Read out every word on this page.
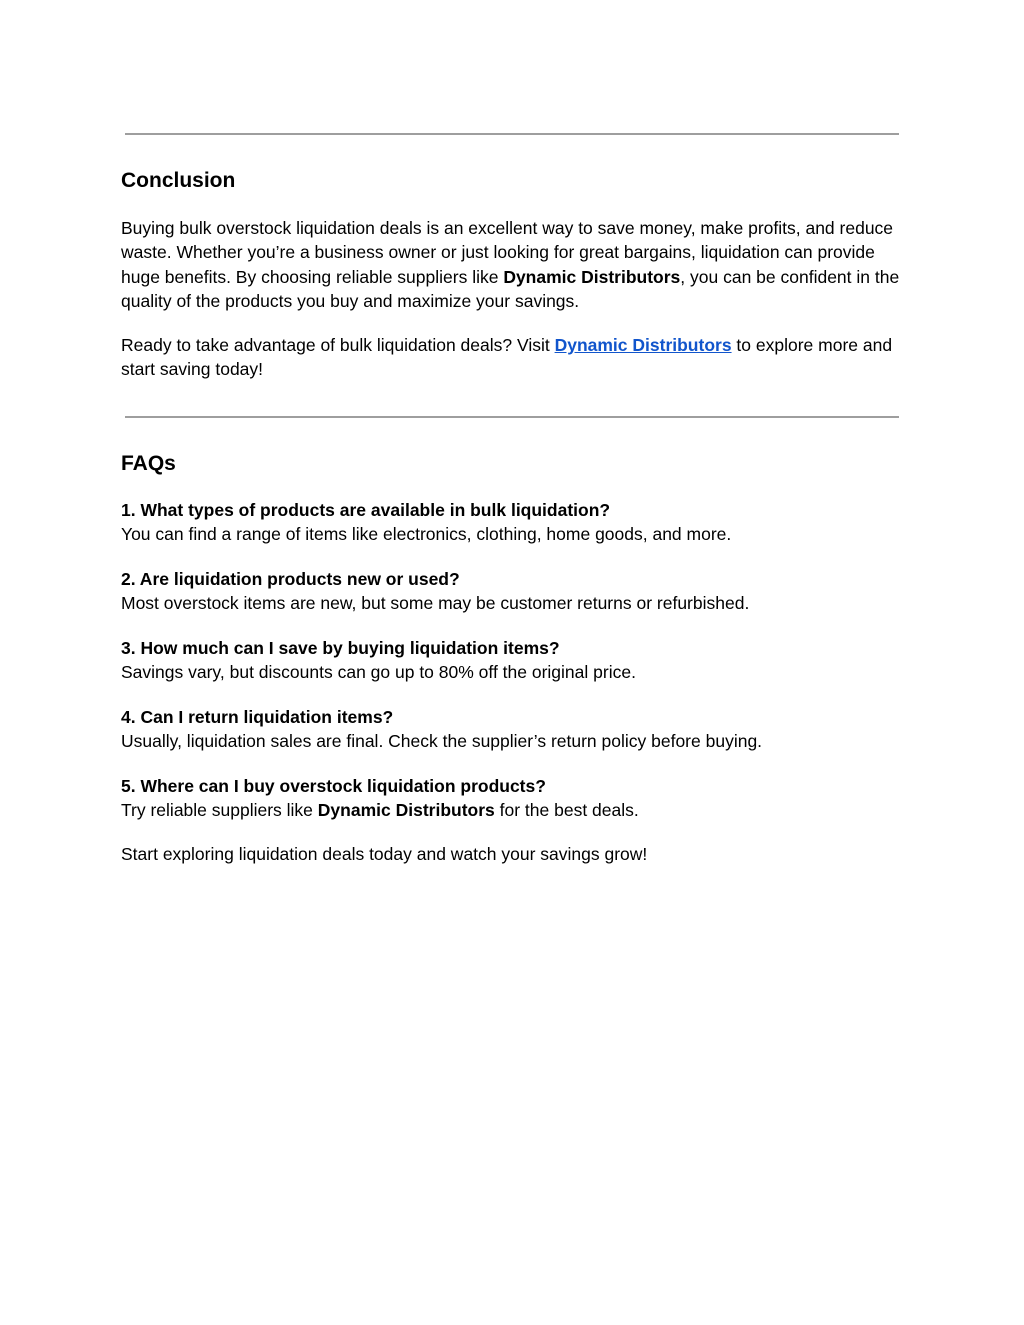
Conclusion

Buying bulk overstock liquidation deals is an excellent way to save money, make profits, and reduce waste. Whether you’re a business owner or just looking for great bargains, liquidation can provide huge benefits. By choosing reliable suppliers like Dynamic Distributors, you can be confident in the quality of the products you buy and maximize your savings.

Ready to take advantage of bulk liquidation deals? Visit Dynamic Distributors to explore more and start saving today!

FAQs
1. What types of products are available in bulk liquidation?
You can find a range of items like electronics, clothing, home goods, and more.
2. Are liquidation products new or used?
Most overstock items are new, but some may be customer returns or refurbished.
3. How much can I save by buying liquidation items?
Savings vary, but discounts can go up to 80% off the original price.
4. Can I return liquidation items?
Usually, liquidation sales are final. Check the supplier’s return policy before buying.
5. Where can I buy overstock liquidation products?
Try reliable suppliers like Dynamic Distributors for the best deals.

Start exploring liquidation deals today and watch your savings grow!
